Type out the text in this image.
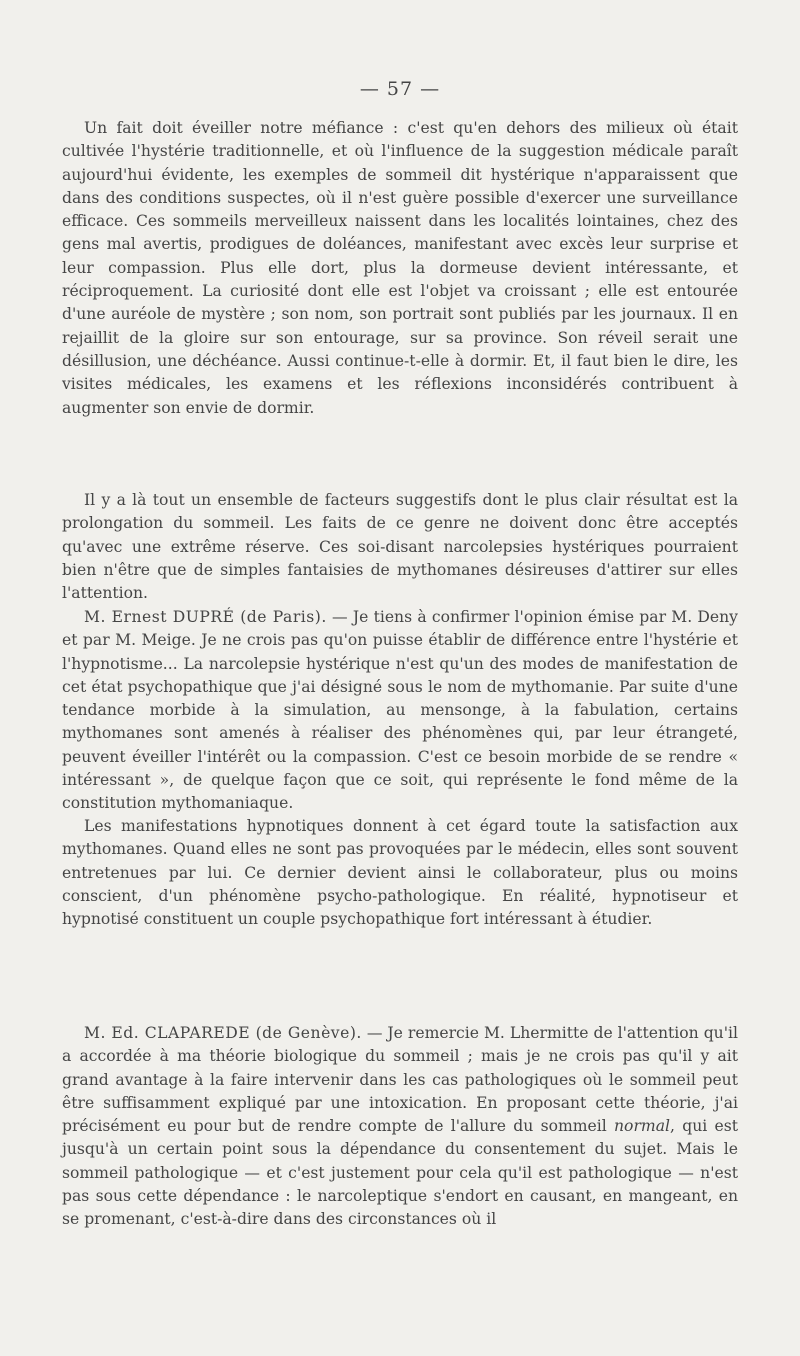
— 57 —

Un fait doit éveiller notre méfiance : c'est qu'en dehors des milieux où était cultivée l'hystérie traditionnelle, et où l'influence de la suggestion médicale paraît aujourd'hui évidente, les exemples de sommeil dit hystérique n'apparaissent que dans des conditions suspectes, où il n'est guère possible d'exercer une surveillance efficace. Ces sommeils merveilleux naissent dans les localités lointaines, chez des gens mal avertis, prodigues de doléances, manifestant avec excès leur surprise et leur compassion. Plus elle dort, plus la dormeuse devient intéressante, et réciproquement. La curiosité dont elle est l'objet va croissant ; elle est entourée d'une auréole de mystère ; son nom, son portrait sont publiés par les journaux. Il en rejaillit de la gloire sur son entourage, sur sa province. Son réveil serait une désillusion, une déchéance. Aussi continue-t-elle à dormir. Et, il faut bien le dire, les visites médicales, les examens et les réflexions inconsidérés contribuent à augmenter son envie de dormir.

Il y a là tout un ensemble de facteurs suggestifs dont le plus clair résultat est la prolongation du sommeil. Les faits de ce genre ne doivent donc être acceptés qu'avec une extrême réserve. Ces soi-disant narcolepsies hystériques pourraient bien n'être que de simples fantaisies de mythomanes désireuses d'attirer sur elles l'attention.

M. Ernest DUPRÉ (de Paris). — Je tiens à confirmer l'opinion émise par M. Deny et par M. Meige. Je ne crois pas qu'on puisse établir de différence entre l'hystérie et l'hypnotisme... La narcolepsie hystérique n'est qu'un des modes de manifestation de cet état psychopathique que j'ai désigné sous le nom de mythomanie. Par suite d'une tendance morbide à la simulation, au mensonge, à la fabulation, certains mythomanes sont amenés à réaliser des phénomènes qui, par leur étrangeté, peuvent éveiller l'intérêt ou la compassion. C'est ce besoin morbide de se rendre « intéressant », de quelque façon que ce soit, qui représente le fond même de la constitution mythomaniaque.

Les manifestations hypnotiques donnent à cet égard toute la satisfaction aux mythomanes. Quand elles ne sont pas provoquées par le médecin, elles sont souvent entretenues par lui. Ce dernier devient ainsi le collaborateur, plus ou moins conscient, d'un phénomène psycho-pathologique. En réalité, hypnotiseur et hypnotisé constituent un couple psychopathique fort intéressant à étudier.

M. Ed. CLAPAREDE (de Genève). — Je remercie M. Lhermitte de l'attention qu'il a accordée à ma théorie biologique du sommeil ; mais je ne crois pas qu'il y ait grand avantage à la faire intervenir dans les cas pathologiques où le sommeil peut être suffisamment expliqué par une intoxication. En proposant cette théorie, j'ai précisément eu pour but de rendre compte de l'allure du sommeil normal, qui est jusqu'à un certain point sous la dépendance du consentement du sujet. Mais le sommeil pathologique — et c'est justement pour cela qu'il est pathologique — n'est pas sous cette dépendance : le narcoleptique s'endort en causant, en mangeant, en se promenant, c'est-à-dire dans des circonstances où il
